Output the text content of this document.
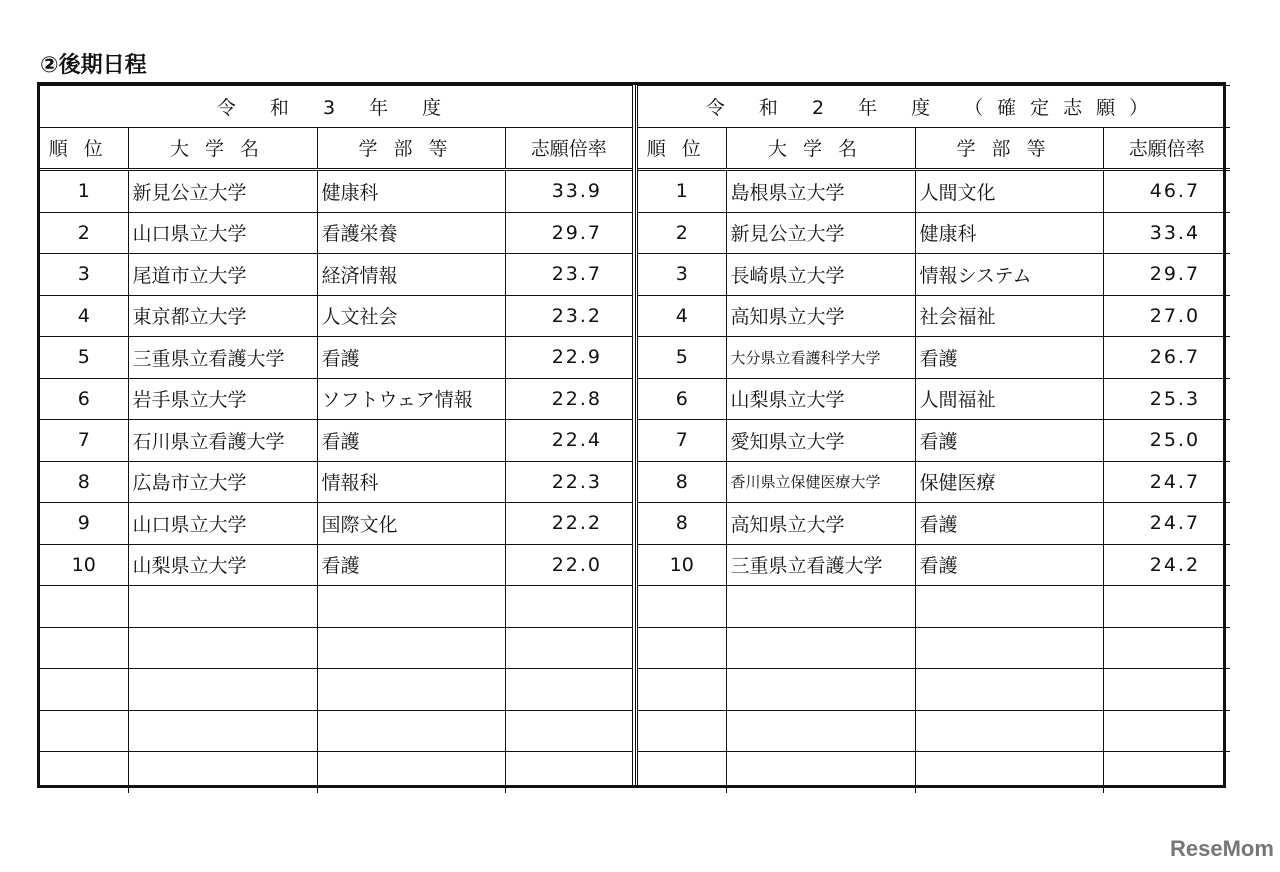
②後期日程
令 和 3 年 度			
順位	大学名	学部等	志願倍率
1	新見公立大学	健康科	33.9
2	山口県立大学	看護栄養	29.7
3	尾道市立大学	経済情報	23.7
4	東京都立大学	人文社会	23.2
5	三重県立看護大学	看護	22.9
6	岩手県立大学	ソフトウェア情報	22.8
7	石川県立看護大学	看護	22.4
8	広島市立大学	情報科	22.3
9	山口県立大学	国際文化	22.2
10	山梨県立大学	看護	22.0

令 和 2 年 度 （確定志願）			
順位	大学名	学部等	志願倍率
1	島根県立大学	人間文化	46.7
2	新見公立大学	健康科	33.4
3	長崎県立大学	情報システム	29.7
4	高知県立大学	社会福祉	27.0
5	大分県立看護科学大学	看護	26.7
6	山梨県立大学	人間福祉	25.3
7	愛知県立大学	看護	25.0
8	香川県立保健医療大学	保健医療	24.7
8	高知県立大学	看護	24.7
10	三重県立看護大学	看護	24.2

ReseMom
